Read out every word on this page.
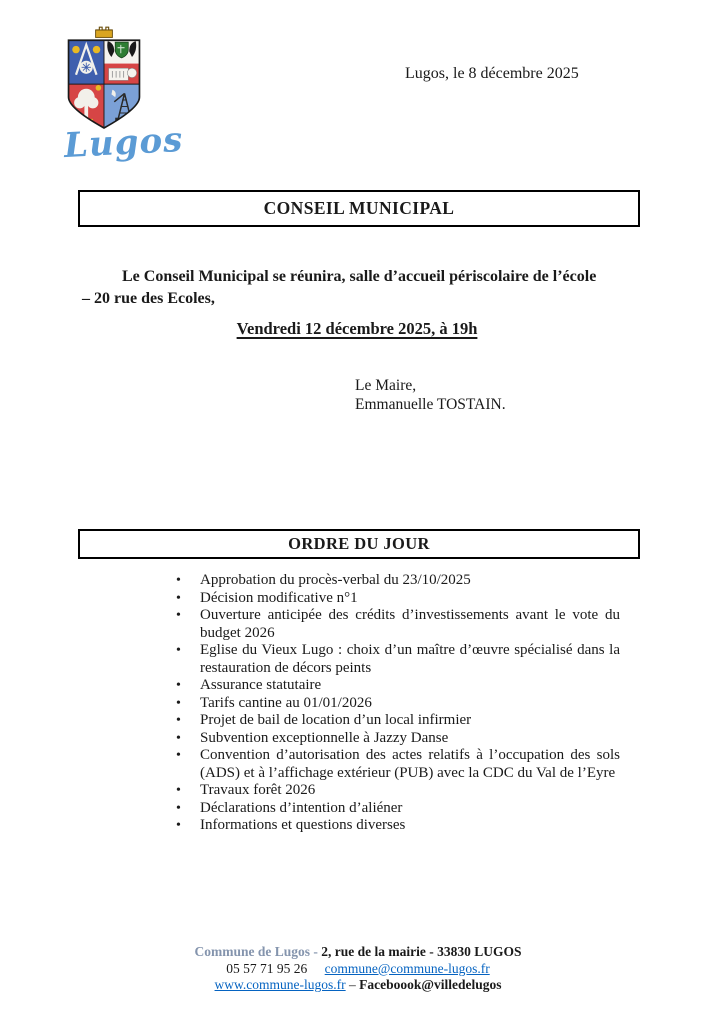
Lugos
Lugos, le 8 décembre 2025
CONSEIL MUNICIPAL
Le Conseil Municipal se réunira, salle d’accueil périscolaire de l’école
– 20 rue des Ecoles,
Vendredi 12 décembre 2025, à 19h
Le Maire,
Emmanuelle TOSTAIN.
ORDRE DU JOUR
•	Approbation du procès-verbal du 23/10/2025
•	Décision modificative n°1
•	Ouverture anticipée des crédits d’investissements avant le vote du budget 2026
•	Eglise du Vieux Lugo : choix d’un maître d’œuvre spécialisé dans la restauration de décors peints
•	Assurance statutaire
•	Tarifs cantine au 01/01/2026
•	Projet de bail de location d’un local infirmier
•	Subvention exceptionnelle à Jazzy Danse
•	Convention d’autorisation des actes relatifs à l’occupation des sols (ADS) et à l’affichage extérieur (PUB) avec la CDC du Val de l’Eyre
•	Travaux forêt 2026
•	Déclarations d’intention d’aliéner
•	Informations et questions diverses
Commune de Lugos - 2, rue de la mairie - 33830 LUGOS
05 57 71 95 26 commune@commune-lugos.fr
www.commune-lugos.fr – Faceboook@villedelugos
